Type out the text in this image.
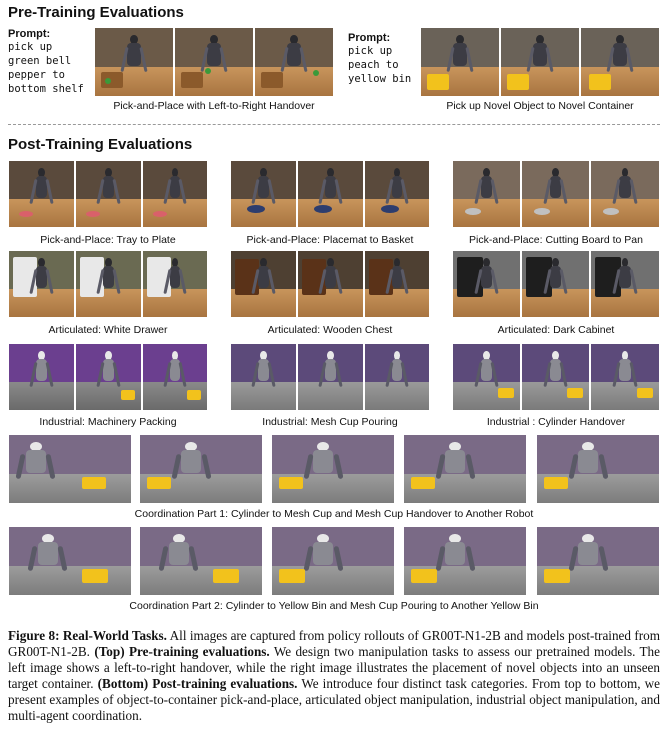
Pre-Training Evaluations
Prompt:
pick up
green bell
pepper to
bottom shelf
Pick-and-Place with Left-to-Right Handover
Prompt:
pick up
peach to
yellow bin
Pick up Novel Object to Novel Container
Post-Training Evaluations
Pick-and-Place: Tray to Plate	Pick-and-Place: Placemat to Basket	Pick-and-Place: Cutting Board to Pan
Articulated: White Drawer	Articulated: Wooden Chest	Articulated: Dark Cabinet
Industrial: Machinery Packing	Industrial: Mesh Cup Pouring	Industrial : Cylinder Handover
Coordination Part 1: Cylinder to Mesh Cup and Mesh Cup Handover to Another Robot
Coordination Part 2: Cylinder to Yellow Bin and Mesh Cup Pouring to Another Yellow Bin
Figure 8: Real-World Tasks. All images are captured from policy rollouts of GR00T-N1-2B and models post-trained from GR00T-N1-2B. (Top) Pre-training evaluations. We design two manipulation tasks to assess our pretrained models. The left image shows a left-to-right handover, while the right image illustrates the placement of novel objects into an unseen target container. (Bottom) Post-training evaluations. We introduce four distinct task categories. From top to bottom, we present examples of object-to-container pick-and-place, articulated object manipulation, industrial object manipulation, and multi-agent coordination.
